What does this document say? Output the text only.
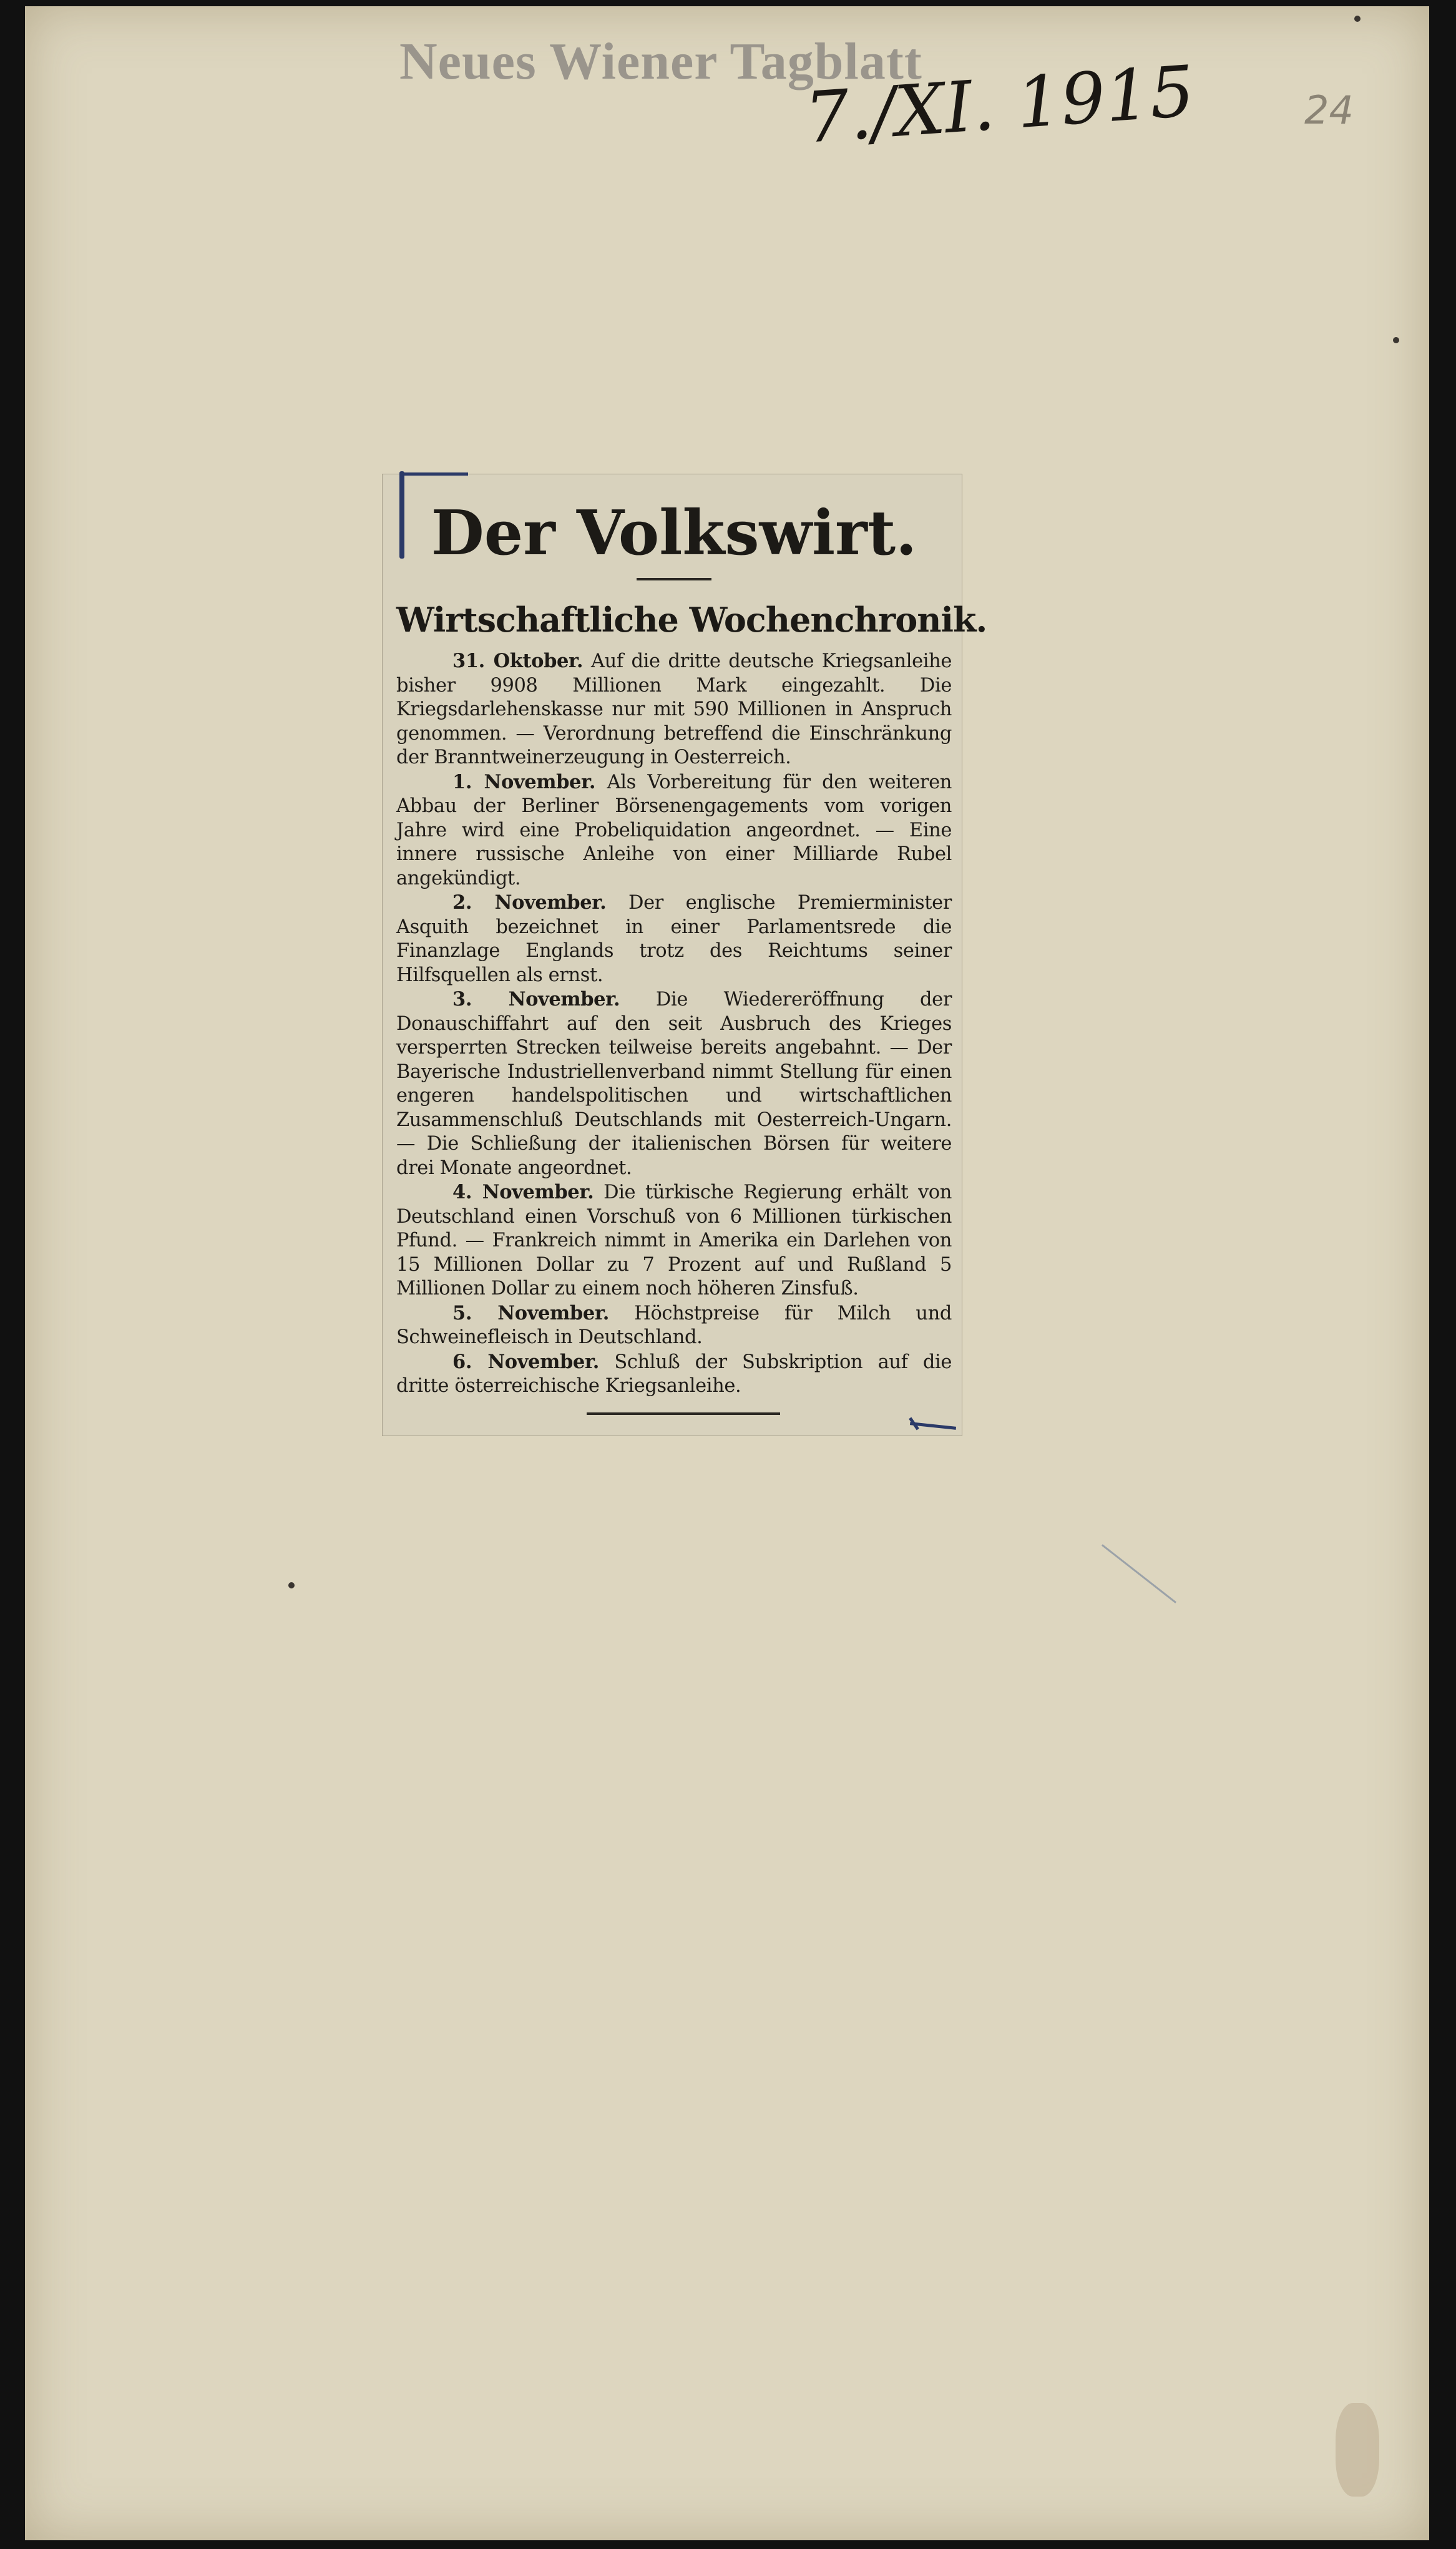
Neues Wiener Tagblatt
7./XI. 1915	24
Der Volkswirt.
Wirtschaftliche Wochenchronik.

31. Oktober. Auf die dritte deutsche Kriegsanleihe bisher 9908 Millionen Mark eingezahlt. Die Kriegsdarlehenskasse nur mit 590 Millionen in Anspruch genommen. — Verordnung betreffend die Einschränkung der Branntweinerzeugung in Oesterreich.

1. November. Als Vorbereitung für den weiteren Abbau der Berliner Börsenengagements vom vorigen Jahre wird eine Probeliquidation angeordnet. — Eine innere russische Anleihe von einer Milliarde Rubel angekündigt.

2. November. Der englische Premierminister Asquith bezeichnet in einer Parlamentsrede die Finanzlage Englands trotz des Reichtums seiner Hilfsquellen als ernst.

3. November. Die Wiedereröffnung der Donauschiffahrt auf den seit Ausbruch des Krieges versperrten Strecken teilweise bereits angebahnt. — Der Bayerische Industriellenverband nimmt Stellung für einen engeren handelspolitischen und wirtschaftlichen Zusammenschluß Deutschlands mit Oesterreich-Ungarn. — Die Schließung der italienischen Börsen für weitere drei Monate angeordnet.

4. November. Die türkische Regierung erhält von Deutschland einen Vorschuß von 6 Millionen türkischen Pfund. — Frankreich nimmt in Amerika ein Darlehen von 15 Millionen Dollar zu 7 Prozent auf und Rußland 5 Millionen Dollar zu einem noch höheren Zinsfuß.

5. November. Höchstpreise für Milch und Schweinefleisch in Deutschland.

6. November. Schluß der Subskription auf die dritte österreichische Kriegsanleihe.
